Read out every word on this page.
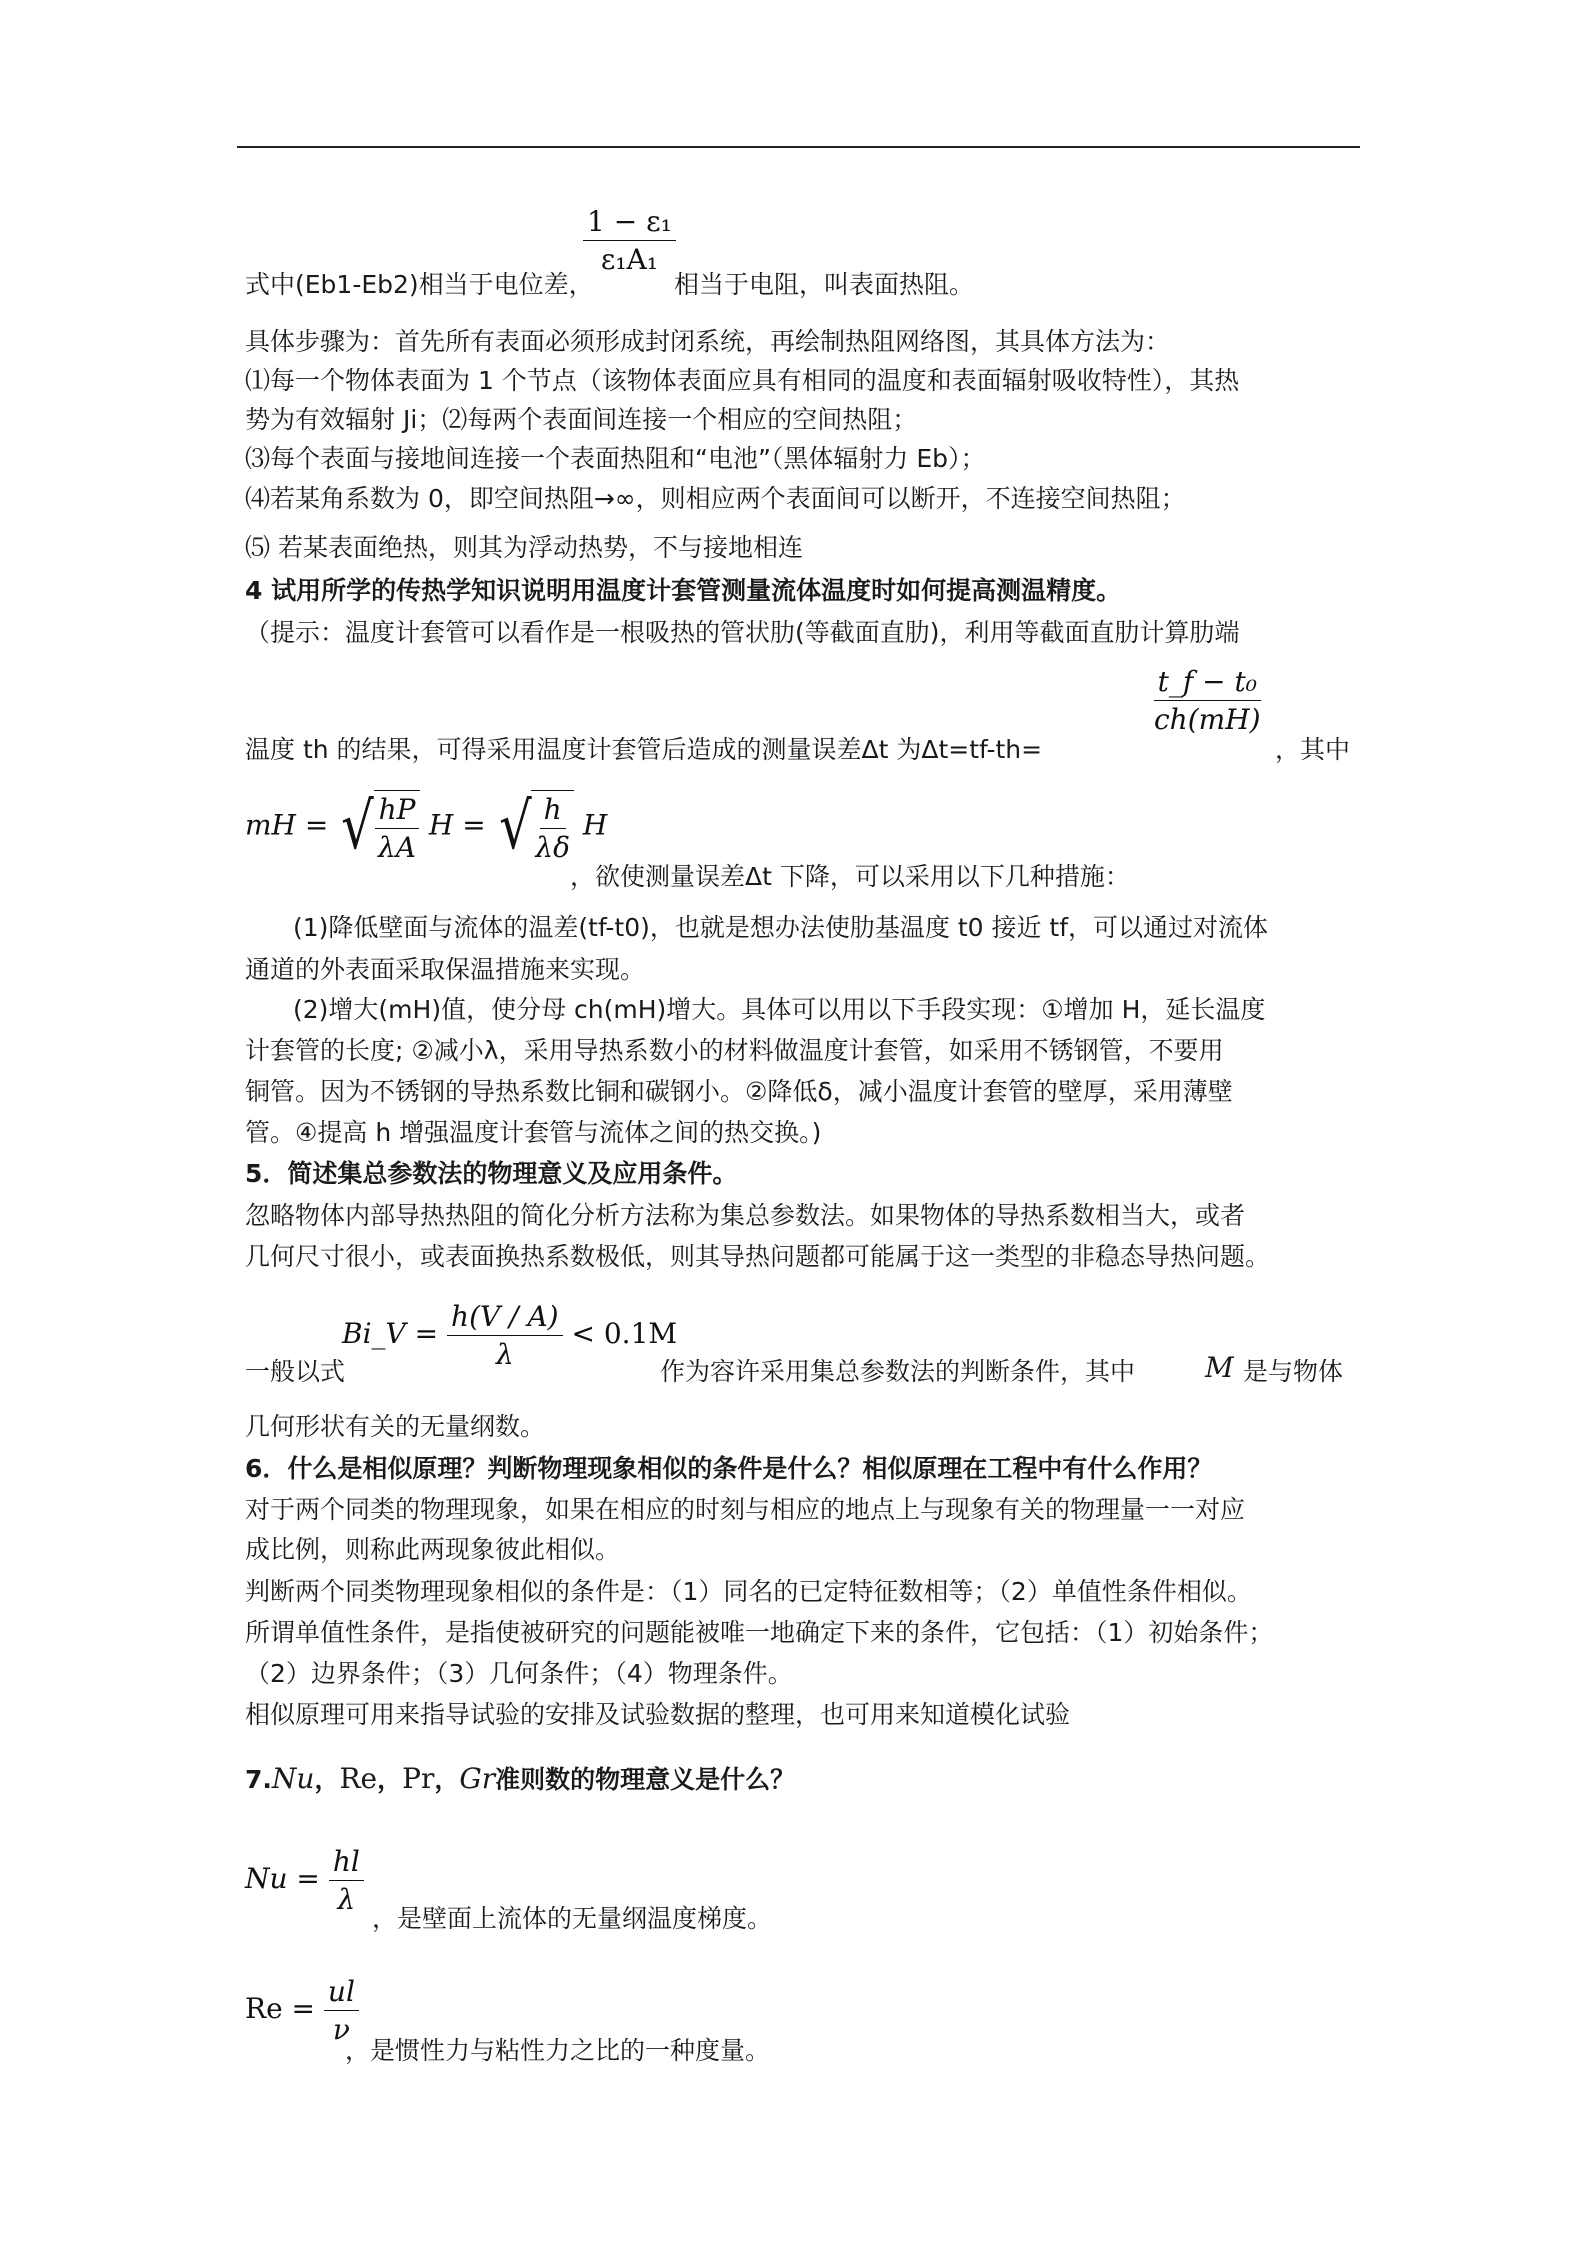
式中(Eb1-Eb2)相当于电位差，
$\frac{\text{1 − ε₁}}{\text{ε₁A₁}}$
相当于电阻，叫表面热阻。
具体步骤为：首先所有表面必须形成封闭系统，再绘制热阻网络图，其具体方法为：
⑴每一个物体表面为 1 个节点（该物体表面应具有相同的温度和表面辐射吸收特性），其热
势为有效辐射 Ji；⑵每两个表面间连接一个相应的空间热阻；
⑶每个表面与接地间连接一个表面热阻和“电池”（黑体辐射力 Eb）；
⑷若某角系数为 0，即空间热阻→∞，则相应两个表面间可以断开，不连接空间热阻；
⑸ 若某表面绝热，则其为浮动热势，不与接地相连
4 试用所学的传热学知识说明用温度计套管测量流体温度时如何提高测温精度。
（提示：温度计套管可以看作是一根吸热的管状肋(等截面直肋)，利用等截面直肋计算肋端
$\frac{\text{t\_f − t₀}}{ch(mH)}$
温度 th 的结果，可得采用温度计套管后造成的测量误差Δt 为Δt=tf-th=	，其中
mH = √ $\frac{hP}{\lambda A}$ H = √ $\frac{h}{\lambda\delta}$ H
，欲使测量误差Δt 下降，可以采用以下几种措施：
(1)降低壁面与流体的温差(tf-t0)，也就是想办法使肋基温度 t0 接近 tf，可以通过对流体
通道的外表面采取保温措施来实现。
(2)增大(mH)值，使分母 ch(mH)增大。具体可以用以下手段实现：①增加 H，延长温度
计套管的长度; ②减小λ，采用导热系数小的材料做温度计套管，如采用不锈钢管，不要用
铜管。因为不锈钢的导热系数比铜和碳钢小。②降低δ，减小温度计套管的壁厚，采用薄壁
管。④提高 h 增强温度计套管与流体之间的热交换。)
5．简述集总参数法的物理意义及应用条件。
忽略物体内部导热热阻的简化分析方法称为集总参数法。如果物体的导热系数相当大，或者
几何尺寸很小，或表面换热系数极低，则其导热问题都可能属于这一类型的非稳态导热问题。
一般以式
Bi_V = $\frac{h(V / A)}{\lambda} < 0.1M$
作为容许采用集总参数法的判断条件，其中 M 是与物体
几何形状有关的无量纲数。
6．什么是相似原理？判断物理现象相似的条件是什么？相似原理在工程中有什么作用？
对于两个同类的物理现象，如果在相应的时刻与相应的地点上与现象有关的物理量一一对应
成比例，则称此两现象彼此相似。
判断两个同类物理现象相似的条件是：（1）同名的已定特征数相等；（2）单值性条件相似。
所谓单值性条件，是指使被研究的问题能被唯一地确定下来的条件，它包括：（1）初始条件；
（2）边界条件；（3）几何条件；（4）物理条件。
相似原理可用来指导试验的安排及试验数据的整理，也可用来知道模化试验
7.Nu，Re，Pr，Gr准则数的物理意义是什么？
$Nu = \frac{hl}{\lambda}$
，是壁面上流体的无量纲温度梯度。
$Re = \frac{ul}{\nu}$
，是惯性力与粘性力之比的一种度量。
